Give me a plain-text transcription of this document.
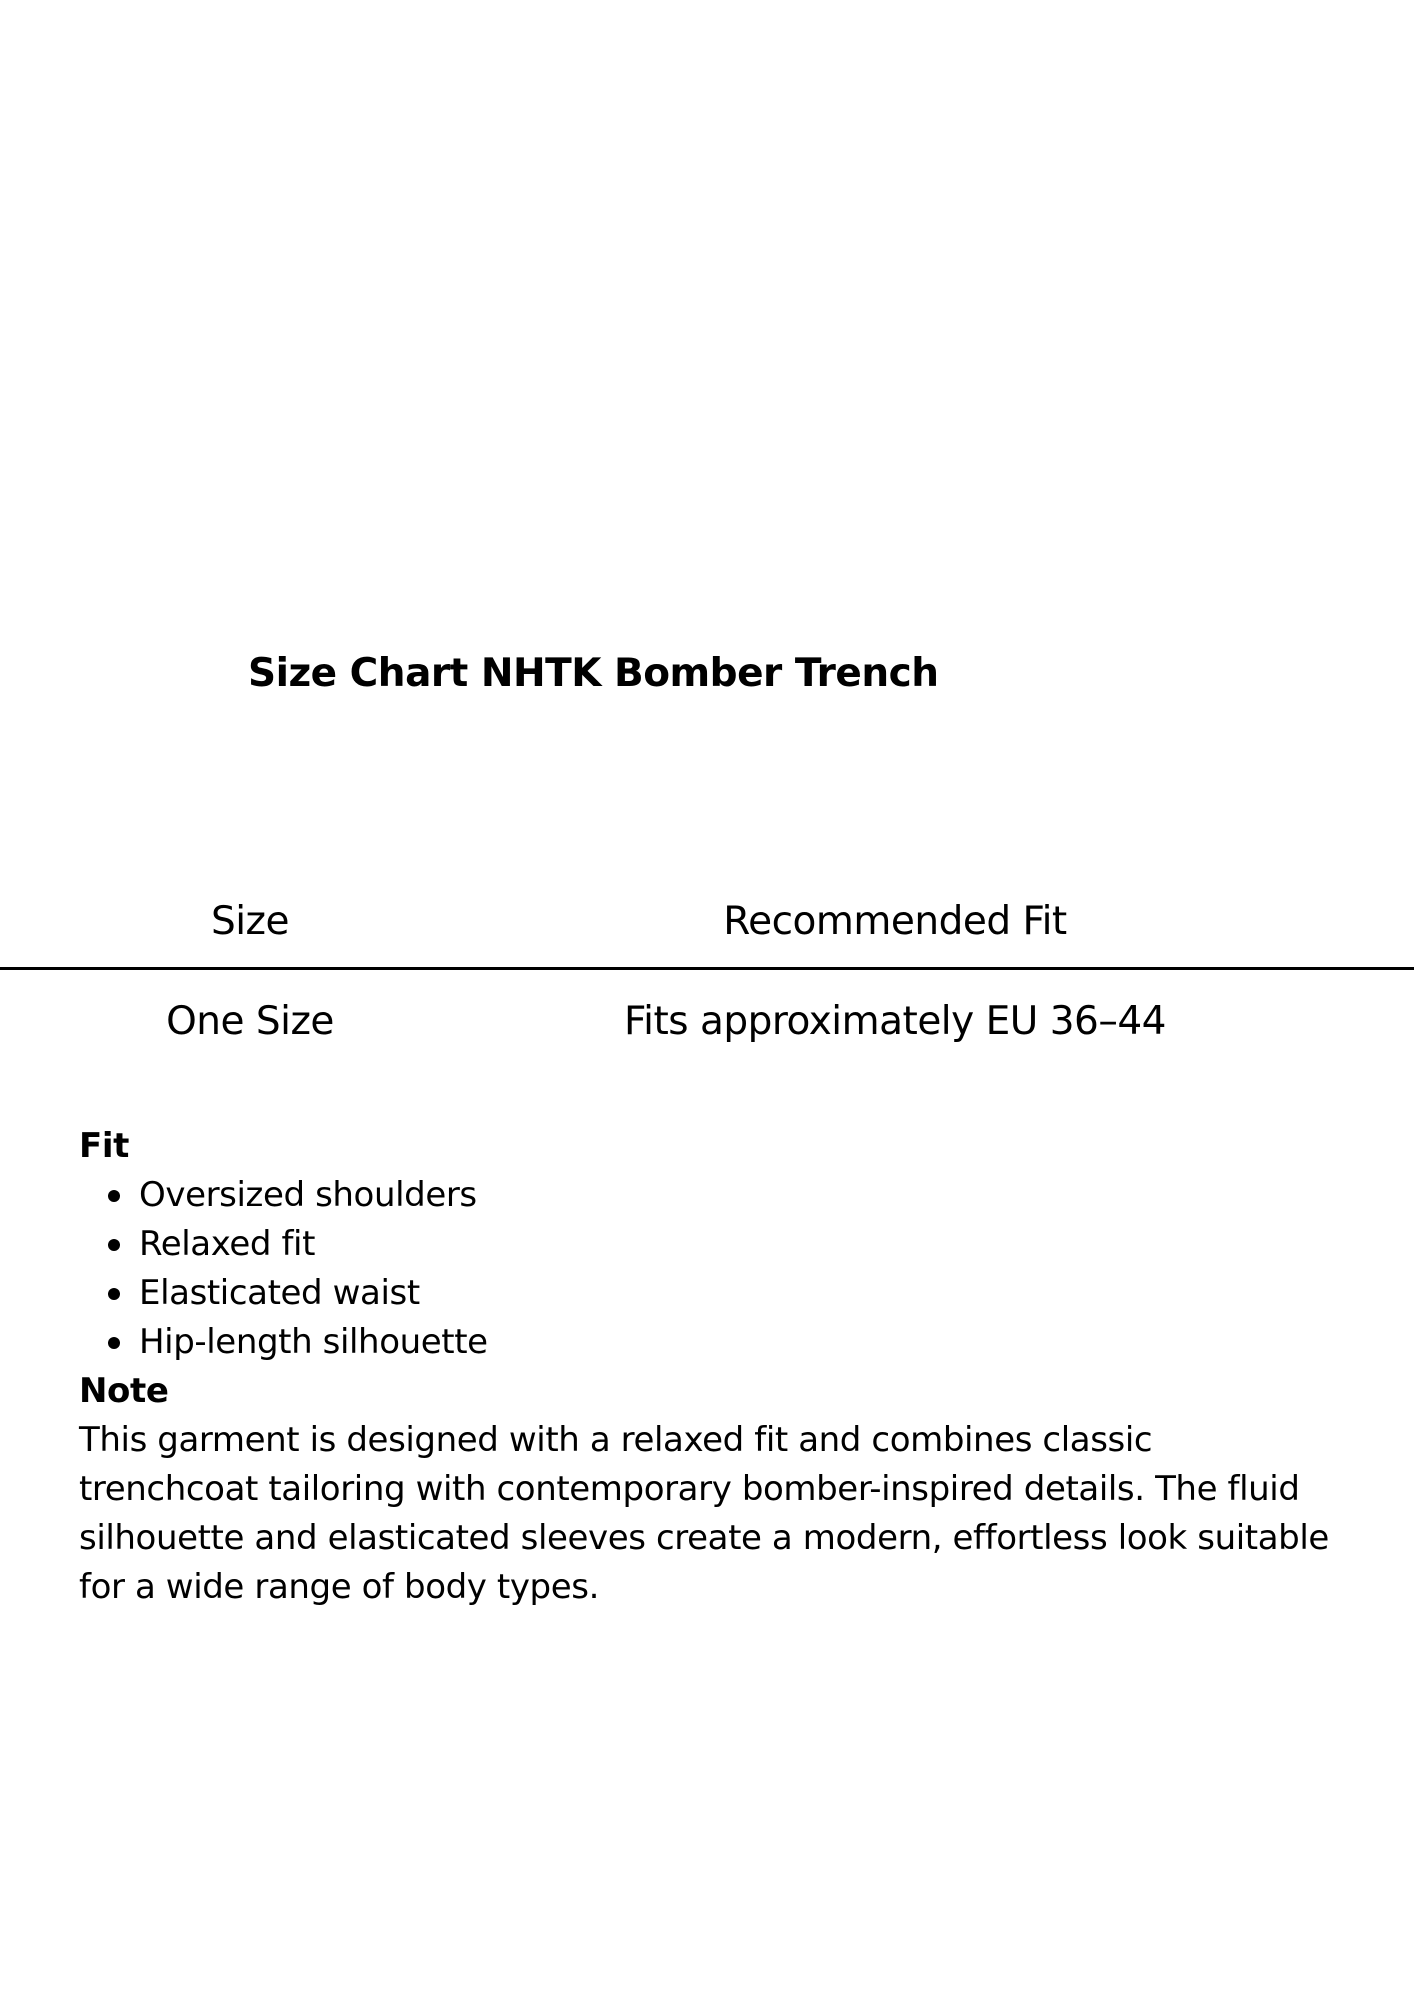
Size Chart NHTK Bomber Trench
Size	Recommended Fit
One Size	Fits approximately EU 36–44

Fit

Oversized shoulders
Relaxed fit
Elasticated waist
Hip-length silhouette

Note

This garment is designed with a relaxed fit and combines classic trenchcoat tailoring with contemporary bomber-inspired details. The fluid silhouette and elasticated sleeves create a modern, effortless look suitable for a wide range of body types.
